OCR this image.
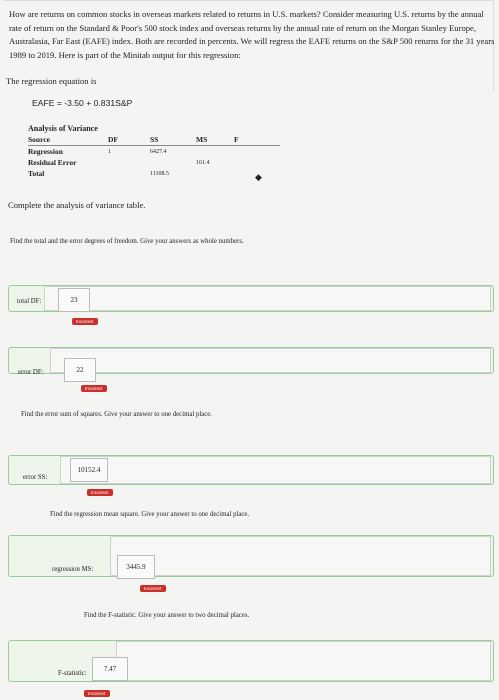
How are returns on common stocks in overseas markets related to returns in U.S. markets? Consider measuring U.S. returns by the annual rate of return on the Standard & Poor's 500 stock index and overseas returns by the annual rate of return on the Morgan Stanley Europe, Australasia, Far East (EAFE) index. Both are recorded in percents. We will regress the EAFE returns on the S&P 500 returns for the 31 years 1989 to 2019. Here is part of the Minitab output for this regression:
The regression equation is
EAFE = -3.50 + 0.831S&P
Analysis of Variance
Source	DF	SS	MS	F
Regression	1	6427.4		
Residual Error			161.4	
Total		11108.5			◆
Complete the analysis of variance table.
Find the total and the error degrees of freedom. Give your answers as whole numbers.
total DF:	23
Incorrect
error DF:	22
Incorrect
Find the error sum of squares. Give your answer to one decimal place.
error SS:
10152.4
Incorrect
Find the regression mean square. Give your answer to one decimal place.
regression MS:	3445.9
Incorrect
Find the F-statistic. Give your answer to two decimal places.
F-statistic:
7.47
Incorrect
